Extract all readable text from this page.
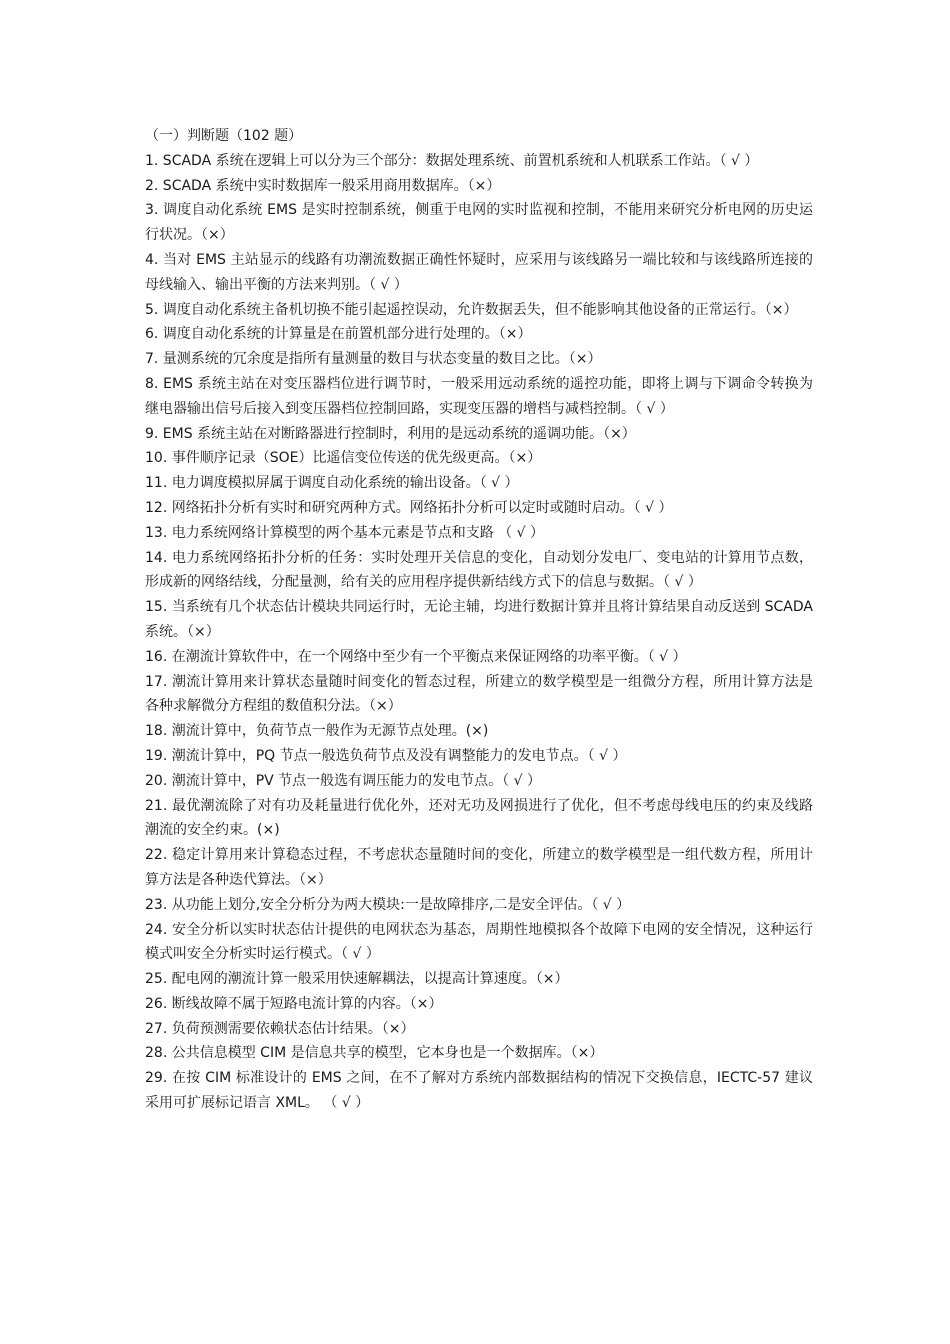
（一）判断题（102 题）

1. SCADA 系统在逻辑上可以分为三个部分：数据处理系统、前置机系统和人机联系工作站。（ √ ）

2. SCADA 系统中实时数据库一般采用商用数据库。（×）

3. 调度自动化系统 EMS 是实时控制系统，侧重于电网的实时监视和控制，不能用来研究分析电网的历史运行状况。（×）

4. 当对 EMS 主站显示的线路有功潮流数据正确性怀疑时，应采用与该线路另一端比较和与该线路所连接的母线输入、输出平衡的方法来判别。（ √ ）

5. 调度自动化系统主备机切换不能引起遥控误动，允许数据丢失，但不能影响其他设备的正常运行。（×）

6. 调度自动化系统的计算量是在前置机部分进行处理的。（×）

7. 量测系统的冗余度是指所有量测量的数目与状态变量的数目之比。（×）

8. EMS 系统主站在对变压器档位进行调节时，一般采用远动系统的遥控功能，即将上调与下调命令转换为继电器输出信号后接入到变压器档位控制回路，实现变压器的增档与减档控制。（ √ ）

9. EMS 系统主站在对断路器进行控制时，利用的是远动系统的遥调功能。（×）

10. 事件顺序记录（SOE）比遥信变位传送的优先级更高。（×）

11. 电力调度模拟屏属于调度自动化系统的输出设备。（ √ ）

12. 网络拓扑分析有实时和研究两种方式。网络拓扑分析可以定时或随时启动。（ √ ）

13. 电力系统网络计算模型的两个基本元素是节点和支路 （ √ ）

14. 电力系统网络拓扑分析的任务：实时处理开关信息的变化，自动划分发电厂、变电站的计算用节点数，形成新的网络结线，分配量测，给有关的应用程序提供新结线方式下的信息与数据。（ √ ）

15. 当系统有几个状态估计模块共同运行时，无论主辅，均进行数据计算并且将计算结果自动反送到 SCADA 系统。（×）

16. 在潮流计算软件中，在一个网络中至少有一个平衡点来保证网络的功率平衡。（ √ ）

17. 潮流计算用来计算状态量随时间变化的暂态过程，所建立的数学模型是一组微分方程，所用计算方法是各种求解微分方程组的数值积分法。（×）

18. 潮流计算中，负荷节点一般作为无源节点处理。(×)

19. 潮流计算中，PQ 节点一般选负荷节点及没有调整能力的发电节点。（ √ ）

20. 潮流计算中，PV 节点一般选有调压能力的发电节点。（ √ ）

21. 最优潮流除了对有功及耗量进行优化外，还对无功及网损进行了优化，但不考虑母线电压的约束及线路潮流的安全约束。(×)

22. 稳定计算用来计算稳态过程，不考虑状态量随时间的变化，所建立的数学模型是一组代数方程，所用计算方法是各种迭代算法。（×）

23. 从功能上划分,安全分析分为两大模块:一是故障排序,二是安全评估。（ √ ）

24. 安全分析以实时状态估计提供的电网状态为基态，周期性地模拟各个故障下电网的安全情况，这种运行模式叫安全分析实时运行模式。（ √ ）

25. 配电网的潮流计算一般采用快速解耦法，以提高计算速度。（×）

26. 断线故障不属于短路电流计算的内容。（×）

27. 负荷预测需要依赖状态估计结果。（×）

28. 公共信息模型 CIM 是信息共享的模型，它本身也是一个数据库。（×）

29. 在按 CIM 标准设计的 EMS 之间，在不了解对方系统内部数据结构的情况下交换信息，IECTC-57 建议采用可扩展标记语言 XML。 （ √ ）
